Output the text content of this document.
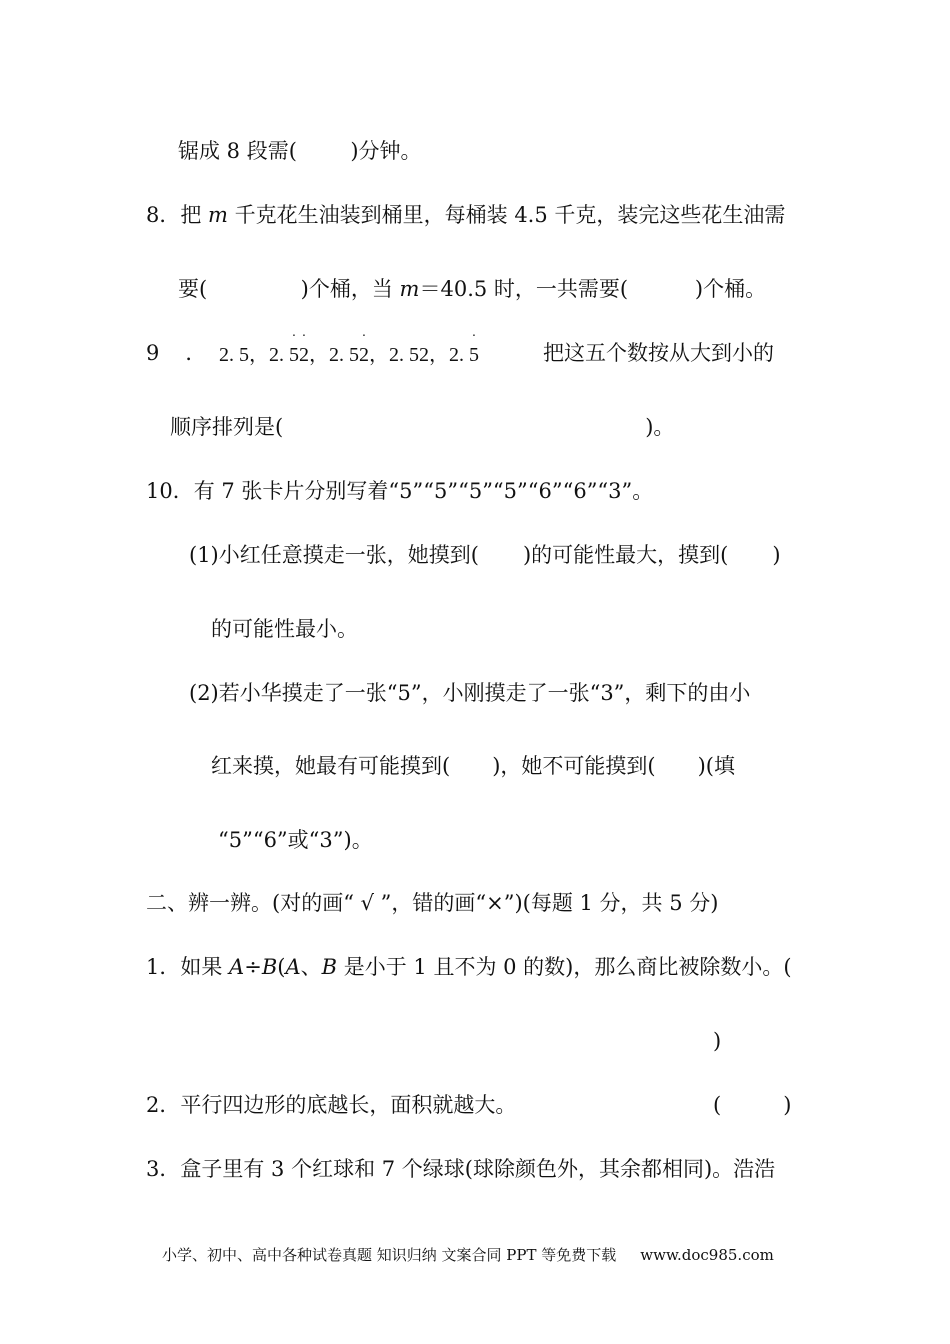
锯成 8 段需(	)分钟。
8．把 m 千克花生油装到桶里，每桶装 4.5 千克，装完这些花生油需
要(	)个桶，当 m＝40.5 时，一共需要(	)个桶。
9 ． 2. 5，2.
·
5
·
2，2. 5
·
2，2. 52，2.
·
5	把这五个数按从大到小的
顺序排列是(	)。
10．有 7 张卡片分别写着“5”“5”“5”“5”“6”“6”“3”。
(1)小红任意摸走一张，她摸到( )的可能性最大，摸到( )
的可能性最小。
(2)若小华摸走了一张“5”，小刚摸走了一张“3”，剩下的由小
红来摸，她最有可能摸到( )，她不可能摸到( )(填
“5”“6”或“3”)。
二、辨一辨。(对的画“ √ ”，错的画“×”)(每题 1 分，共 5 分)
1．如果 A÷B(A、B 是小于 1 且不为 0 的数)，那么商比被除数小。(
)
2．平行四边形的底越长，面积就越大。	(	)
3．盒子里有 3 个红球和 7 个绿球(球除颜色外，其余都相同)。浩浩
小学、初中、高中各种试卷真题 知识归纳 文案合同 PPT 等免费下载 www.doc985.com
